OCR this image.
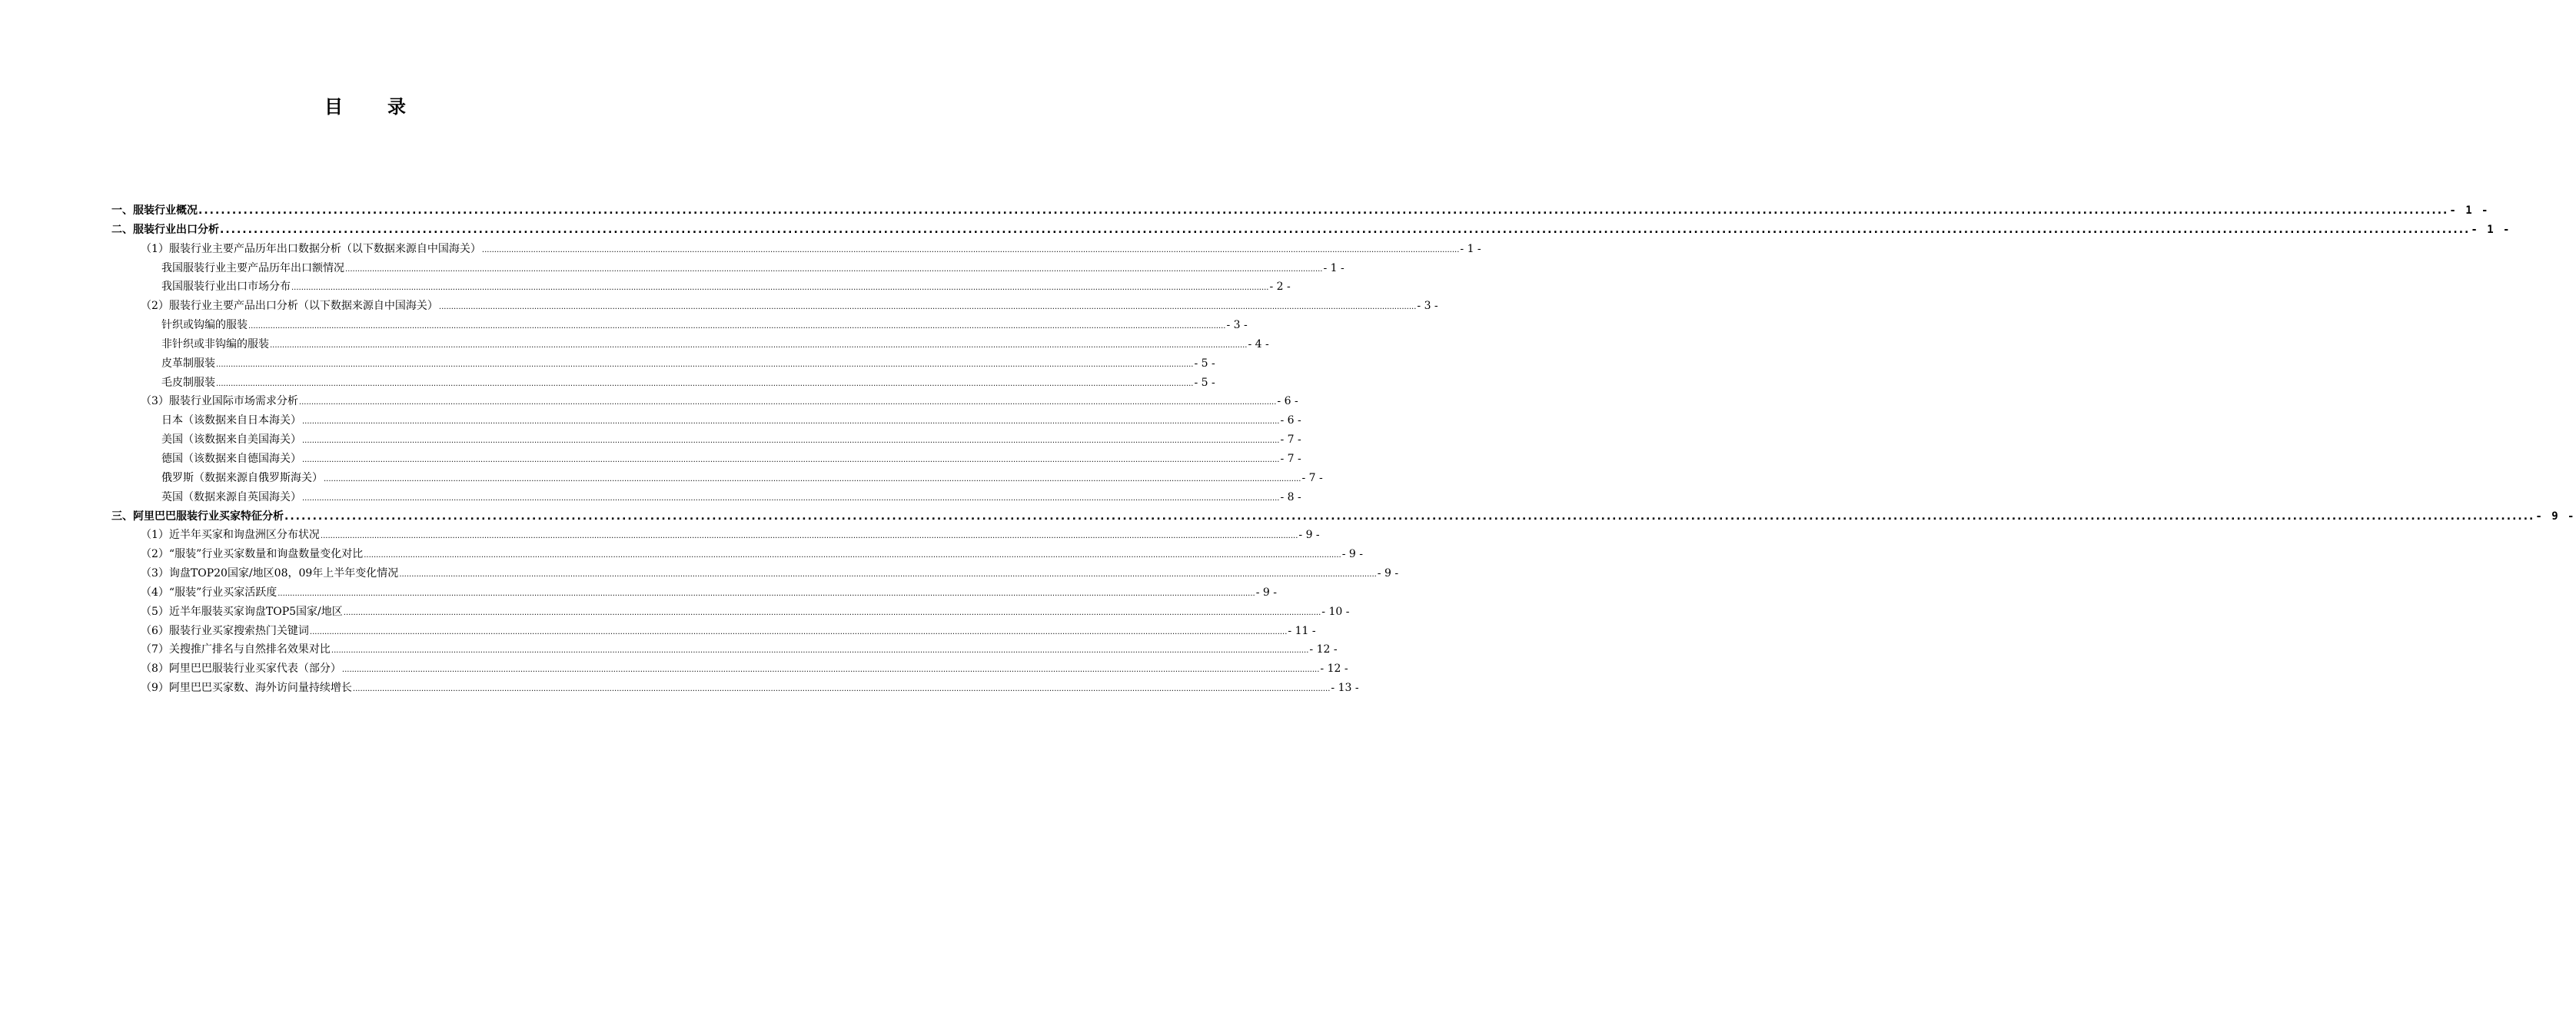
目录
一、服装行业概况 ................................................................................................................................................................................................................................................................................................................................................................................................................ - 1 -
二、服装行业出口分析 ................................................................................................................................................................................................................................................................................................................................................................................................................ - 1 -
（1）服装行业主要产品历年出口数据分析（以下数据来源自中国海关） ................................................................................................................................................................................................................................................................................................................................................................................................................ - 1 -
我国服装行业主要产品历年出口额情况 ................................................................................................................................................................................................................................................................................................................................................................................................................ - 1 -
我国服装行业出口市场分布 ................................................................................................................................................................................................................................................................................................................................................................................................................ - 2 -
（2）服装行业主要产品出口分析（以下数据来源自中国海关） ................................................................................................................................................................................................................................................................................................................................................................................................................ - 3 -
针织或钩编的服装 ................................................................................................................................................................................................................................................................................................................................................................................................................ - 3 -
非针织或非钩编的服装 ................................................................................................................................................................................................................................................................................................................................................................................................................ - 4 -
皮革制服装 ................................................................................................................................................................................................................................................................................................................................................................................................................ - 5 -
毛皮制服装 ................................................................................................................................................................................................................................................................................................................................................................................................................ - 5 -
（3）服装行业国际市场需求分析 ................................................................................................................................................................................................................................................................................................................................................................................................................ - 6 -
日本（该数据来自日本海关） ................................................................................................................................................................................................................................................................................................................................................................................................................ - 6 -
美国（该数据来自美国海关） ................................................................................................................................................................................................................................................................................................................................................................................................................ - 7 -
德国（该数据来自德国海关） ................................................................................................................................................................................................................................................................................................................................................................................................................ - 7 -
俄罗斯（数据来源自俄罗斯海关） ................................................................................................................................................................................................................................................................................................................................................................................................................ - 7 -
英国（数据来源自英国海关） ................................................................................................................................................................................................................................................................................................................................................................................................................ - 8 -
三、阿里巴巴服装行业买家特征分析 ................................................................................................................................................................................................................................................................................................................................................................................................................ - 9 -
（1）近半年买家和询盘洲区分布状况 ................................................................................................................................................................................................................................................................................................................................................................................................................ - 9 -
（2）“服装”行业买家数量和询盘数量变化对比 ................................................................................................................................................................................................................................................................................................................................................................................................................ - 9 -
（3）询盘TOP20国家/地区08，09年上半年变化情况 ................................................................................................................................................................................................................................................................................................................................................................................................................ - 9 -
（4）“服装”行业买家活跃度 ................................................................................................................................................................................................................................................................................................................................................................................................................ - 9 -
（5）近半年服装买家询盘TOP5国家/地区 ................................................................................................................................................................................................................................................................................................................................................................................................................ - 10 -
（6）服装行业买家搜索热门关键词 ................................................................................................................................................................................................................................................................................................................................................................................................................ - 11 -
（7）关搜推广排名与自然排名效果对比 ................................................................................................................................................................................................................................................................................................................................................................................................................ - 12 -
（8）阿里巴巴服装行业买家代表（部分） ................................................................................................................................................................................................................................................................................................................................................................................................................ - 12 -
（9）阿里巴巴买家数、海外访问量持续增长 ................................................................................................................................................................................................................................................................................................................................................................................................................ - 13 -
